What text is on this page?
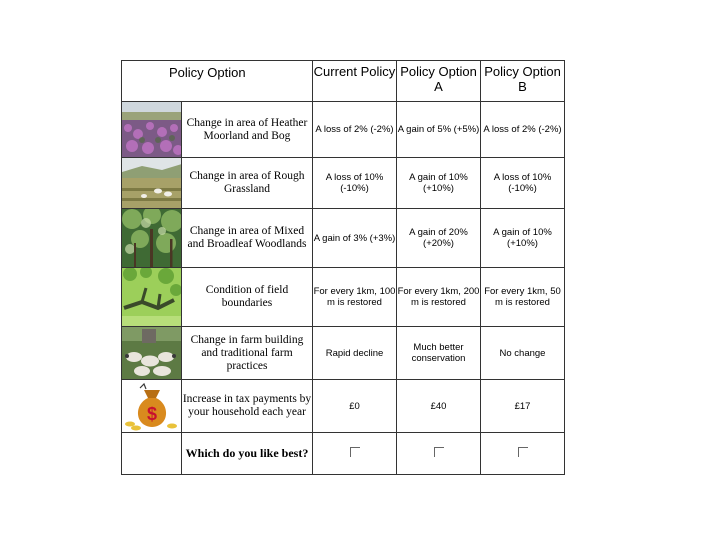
Policy Option		Current Policy	Policy Option A	Policy Option B

	Change in area of Heather Moorland and Bog	A loss of 2% (-2%)	A gain of 5% (+5%)	A loss of 2% (-2%)

	Change in area of Rough Grassland	A loss of 10% (-10%)	A gain of 10% (+10%)	A loss of 10% (-10%)

	Change in area of Mixed and Broadleaf Woodlands	A gain of 3% (+3%)	A gain of 20% (+20%)	A gain of 10% (+10%)

	Condition of field boundaries	For every 1km, 100 m is restored	For every 1km, 200 m is restored	For every 1km, 50 m is restored

	Change in farm building and traditional farm practices	Rapid decline	Much better conservation	No change

$	Increase in tax payments by your household each year	£0	£40	£17
	Which do you like best?			
